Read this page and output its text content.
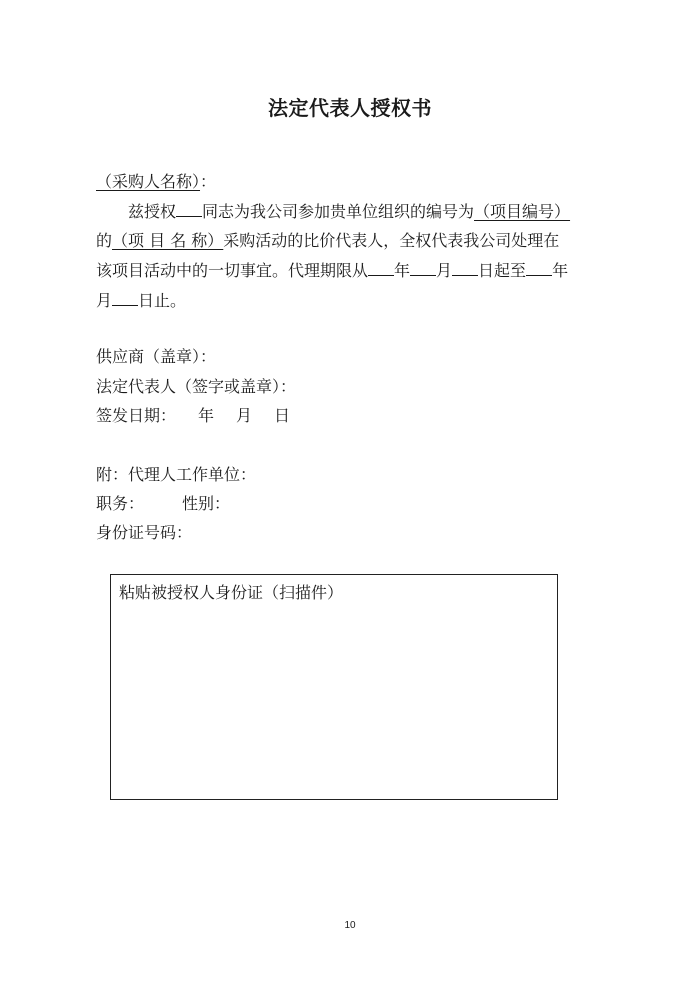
法定代表人授权书
（采购人名称）：
兹授权 同志为我公司参加贵单位组织的编号为（项目编号）
的（项 目 名 称）采购活动的比价代表人，全权代表我公司处理在
该项目活动中的一切事宜。代理期限从 年 月 日起至 年
月 日止。
供应商（盖章）：
法定代表人（签字或盖章）：
签发日期： 年 月 日
附：代理人工作单位：
职务： 性别：
身份证号码：
粘贴被授权人身份证（扫描件）
10
